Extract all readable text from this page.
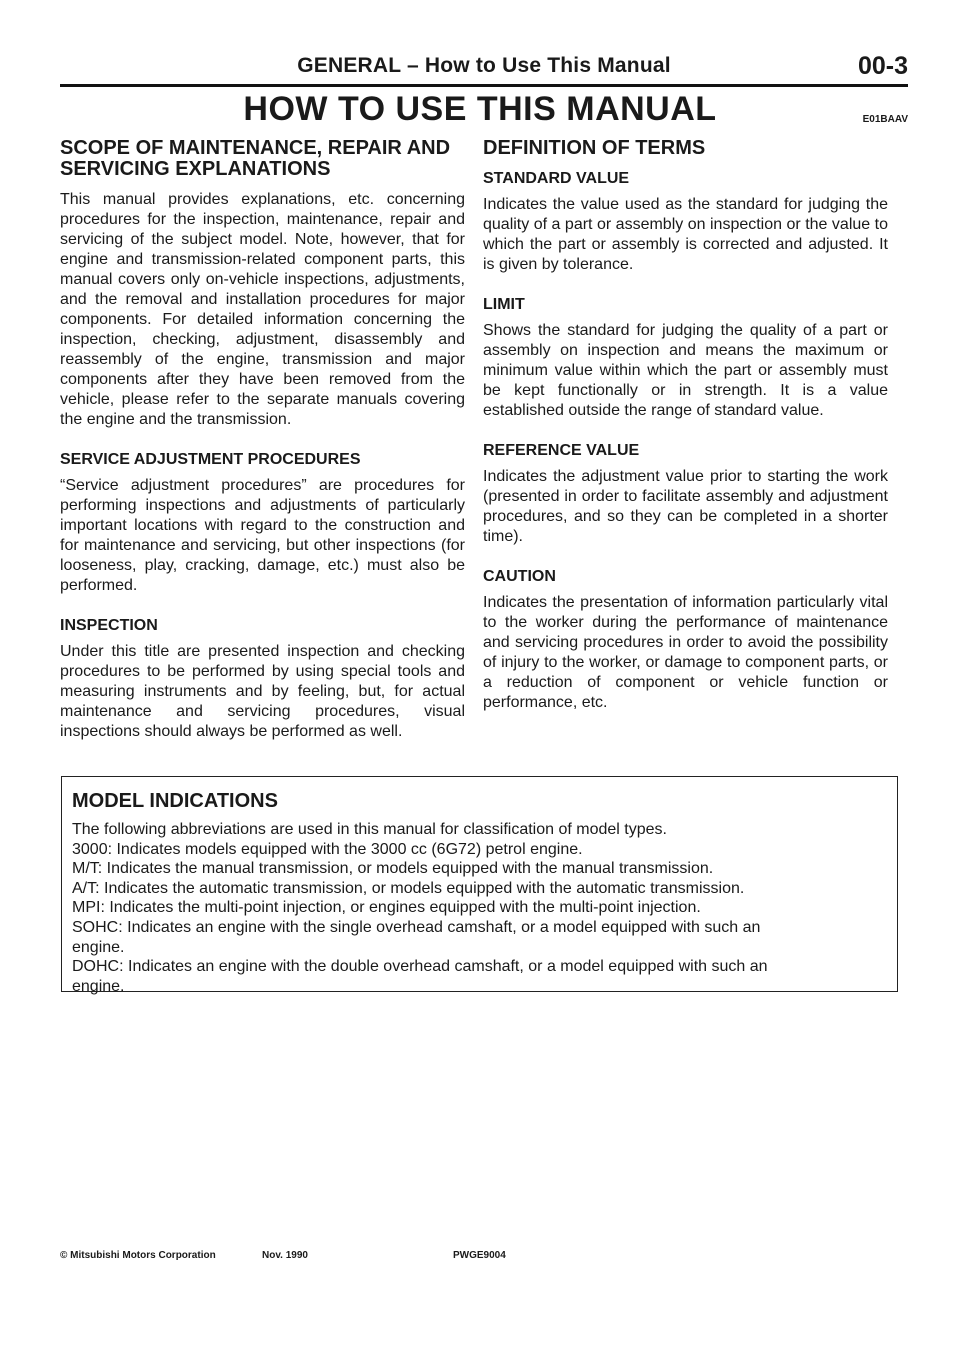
GENERAL – How to Use This Manual	00-3
HOW TO USE THIS MANUAL	E01BAAV
SCOPE OF MAINTENANCE, REPAIR AND SERVICING EXPLANATIONS

This manual provides explanations, etc. concerning procedures for the inspection, maintenance, repair and servicing of the subject model. Note, however, that for engine and transmission-related component parts, this manual covers only on-vehicle inspections, adjustments, and the removal and installation procedures for major components. For detailed information concerning the inspection, checking, adjustment, disassembly and reassembly of the engine, transmission and major components after they have been removed from the vehicle, please refer to the separate manuals covering the engine and the transmission.

SERVICE ADJUSTMENT PROCEDURES

“Service adjustment procedures” are procedures for performing inspections and adjustments of particularly important locations with regard to the construction and for maintenance and servicing, but other inspections (for looseness, play, cracking, damage, etc.) must also be performed.

INSPECTION

Under this title are presented inspection and checking procedures to be performed by using special tools and measuring instruments and by feeling, but, for actual maintenance and servicing procedures, visual inspections should always be performed as well.

DEFINITION OF TERMS
STANDARD VALUE

Indicates the value used as the standard for judging the quality of a part or assembly on inspection or the value to which the part or assembly is corrected and adjusted. It is given by tolerance.

LIMIT

Shows the standard for judging the quality of a part or assembly on inspection and means the maximum or minimum value within which the part or assembly must be kept functionally or in strength. It is a value established outside the range of standard value.

REFERENCE VALUE

Indicates the adjustment value prior to starting the work (presented in order to facilitate assembly and adjustment procedures, and so they can be completed in a shorter time).

CAUTION

Indicates the presentation of information particularly vital to the worker during the performance of maintenance and servicing procedures in order to avoid the possibility of injury to the worker, or damage to component parts, or a reduction of component or vehicle function or performance, etc.

MODEL INDICATIONS
The following abbreviations are used in this manual for classification of model types.
3000: Indicates models equipped with the 3000 cc (6G72) petrol engine.
M/T: Indicates the manual transmission, or models equipped with the manual transmission.
A/T: Indicates the automatic transmission, or models equipped with the automatic transmission.
MPI: Indicates the multi-point injection, or engines equipped with the multi-point injection.
SOHC: Indicates an engine with the single overhead camshaft, or a model equipped with such an
engine.
DOHC: Indicates an engine with the double overhead camshaft, or a model equipped with such an
engine.
© Mitsubishi Motors Corporation	Nov. 1990	PWGE9004
